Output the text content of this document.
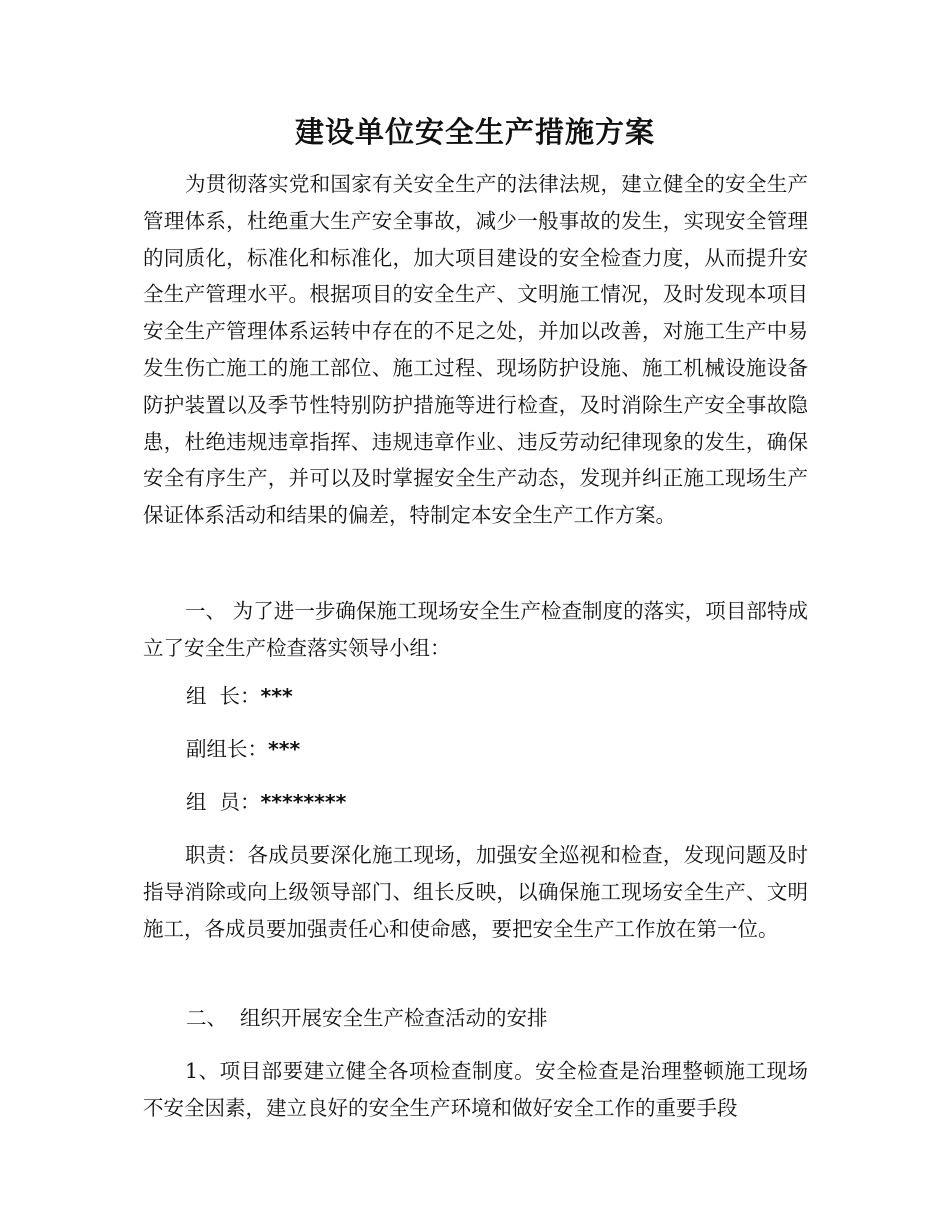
建设单位安全生产措施方案

为贯彻落实党和国家有关安全生产的法律法规，建立健全的安全生产管理体系，杜绝重大生产安全事故，减少一般事故的发生，实现安全管理的同质化，标准化和标准化，加大项目建设的安全检查力度，从而提升安全生产管理水平。根据项目的安全生产、文明施工情况，及时发现本项目安全生产管理体系运转中存在的不足之处，并加以改善，对施工生产中易发生伤亡施工的施工部位、施工过程、现场防护设施、施工机械设施设备防护装置以及季节性特别防护措施等进行检查，及时消除生产安全事故隐患，杜绝违规违章指挥、违规违章作业、违反劳动纪律现象的发生，确保安全有序生产，并可以及时掌握安全生产动态，发现并纠正施工现场生产保证体系活动和结果的偏差，特制定本安全生产工作方案。

一、 为了进一步确保施工现场安全生产检查制度的落实，项目部特成立了安全生产检查落实领导小组：

组  长：***
副组长：***
组  员：********

职责：各成员要深化施工现场，加强安全巡视和检查，发现问题及时指导消除或向上级领导部门、组长反映，以确保施工现场安全生产、文明施工，各成员要加强责任心和使命感，要把安全生产工作放在第一位。

二、  组织开展安全生产检查活动的安排

1、项目部要建立健全各项检查制度。安全检查是治理整顿施工现场不安全因素，建立良好的安全生产环境和做好安全工作的重要手段
